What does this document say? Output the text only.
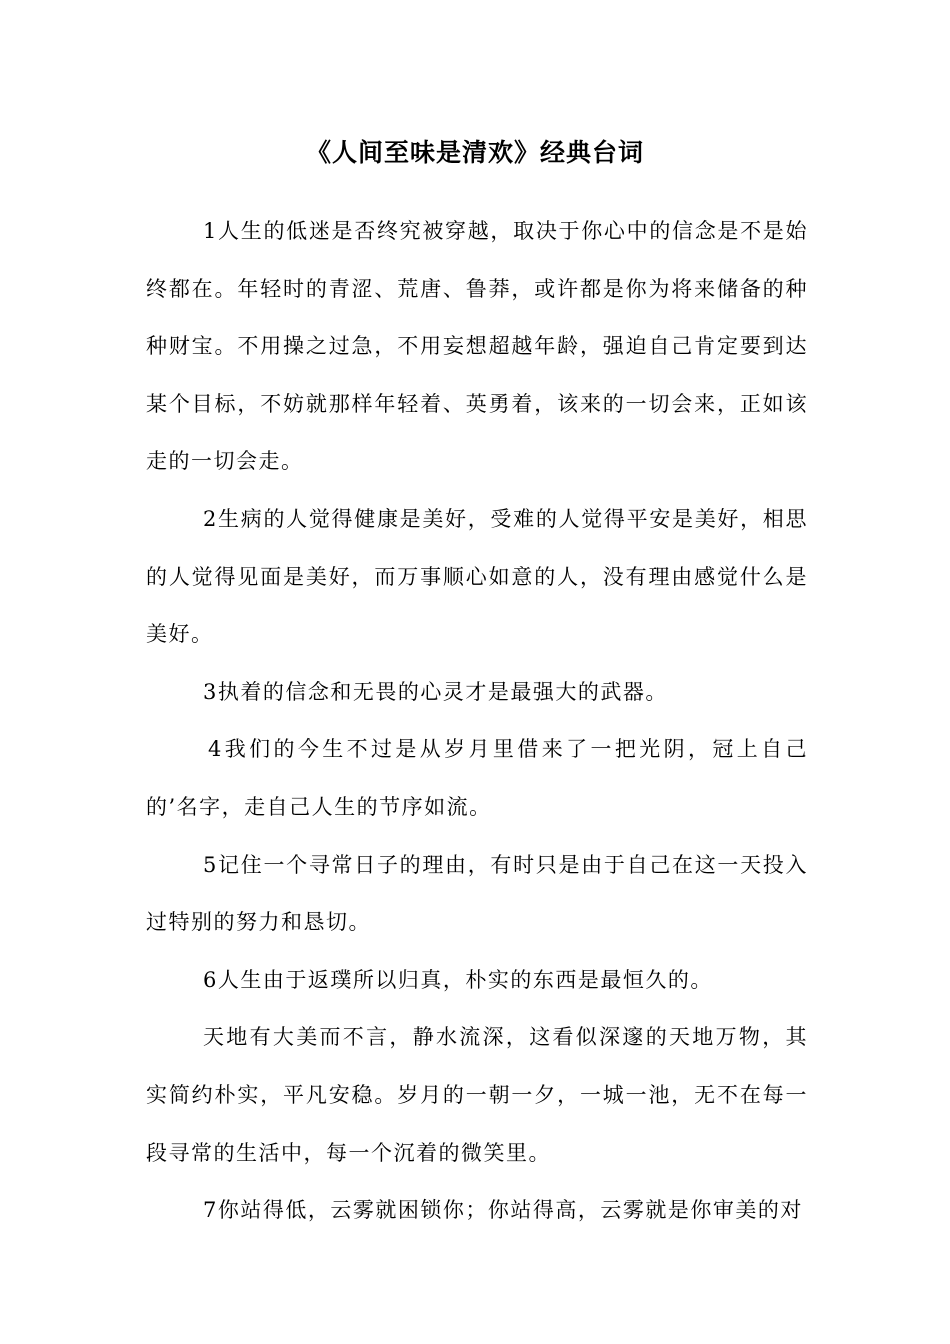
《人间至味是清欢》经典台词

1人生的低迷是否终究被穿越，取决于你心中的信念是不是始终都在。年轻时的青涩、荒唐、鲁莽，或许都是你为将来储备的种种财宝。不用操之过急，不用妄想超越年龄，强迫自己肯定要到达某个目标，不妨就那样年轻着、英勇着，该来的一切会来，正如该走的一切会走。

2生病的人觉得健康是美好，受难的人觉得平安是美好，相思的人觉得见面是美好，而万事顺心如意的人，没有理由感觉什么是美好。

3执着的信念和无畏的心灵才是最强大的武器。

4我们的今生不过是从岁月里借来了一把光阴，冠上自己的’名字，走自己人生的节序如流。

5记住一个寻常日子的理由，有时只是由于自己在这一天投入过特别的努力和恳切。

6人生由于返璞所以归真，朴实的东西是最恒久的。

天地有大美而不言，静水流深，这看似深邃的天地万物，其实简约朴实，平凡安稳。岁月的一朝一夕，一城一池，无不在每一段寻常的生活中，每一个沉着的微笑里。

7你站得低，云雾就困锁你；你站得高，云雾就是你审美的对
